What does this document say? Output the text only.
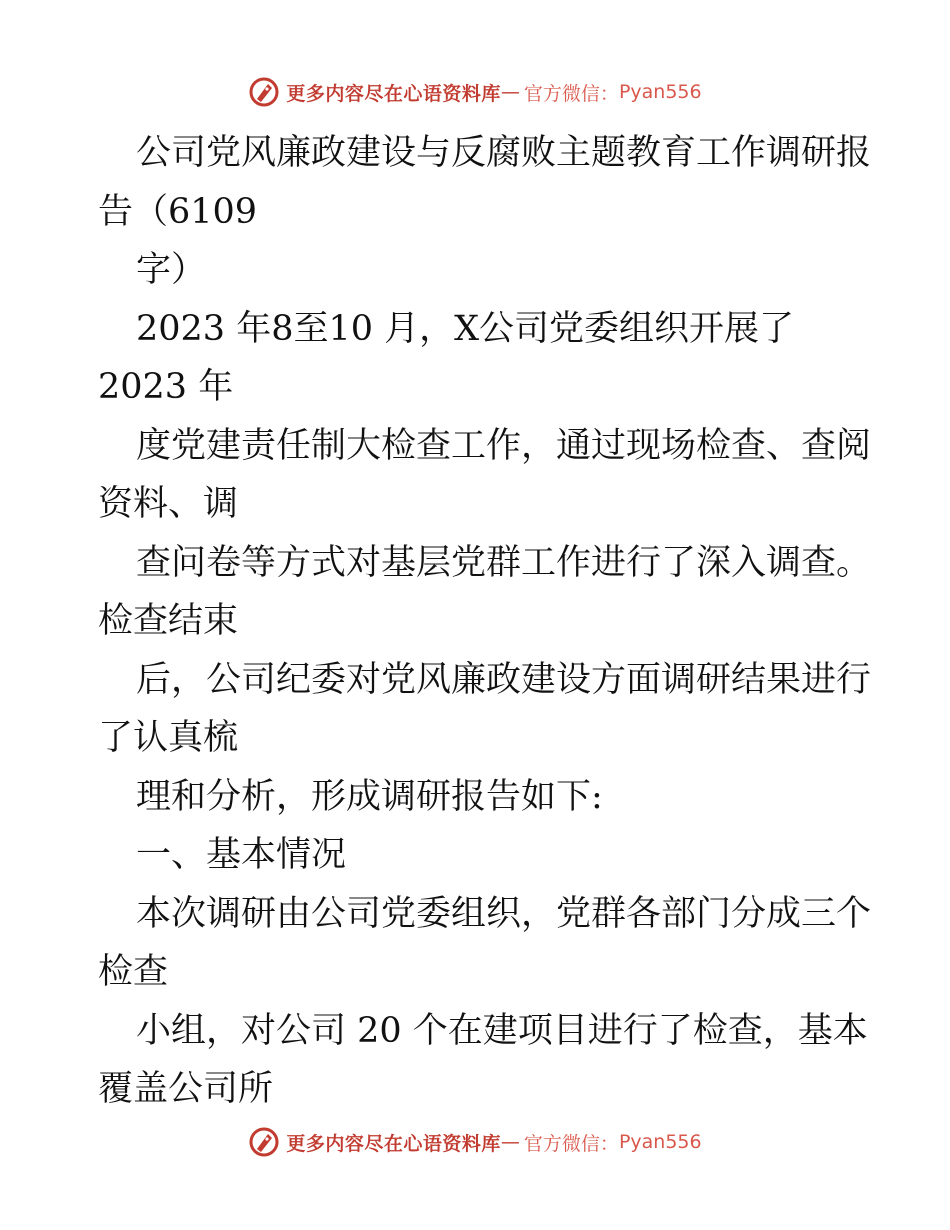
更多内容尽在心语资料库 — 官方微信： Pyan556
公司党风廉政建设与反腐败主题教育工作调研报
告（6109
字）
2023 年8至10 月，X公司党委组织开展了
2023 年
度党建责任制大检查工作，通过现场检查、查阅
资料、调
查问卷等方式对基层党群工作进行了深入调查。
检查结束
后，公司纪委对党风廉政建设方面调研结果进行
了认真梳
理和分析，形成调研报告如下:
一、基本情况
本次调研由公司党委组织，党群各部门分成三个
检查
小组，对公司 20 个在建项目进行了检查，基本
覆盖公司所
更多内容尽在心语资料库 — 官方微信： Pyan556
